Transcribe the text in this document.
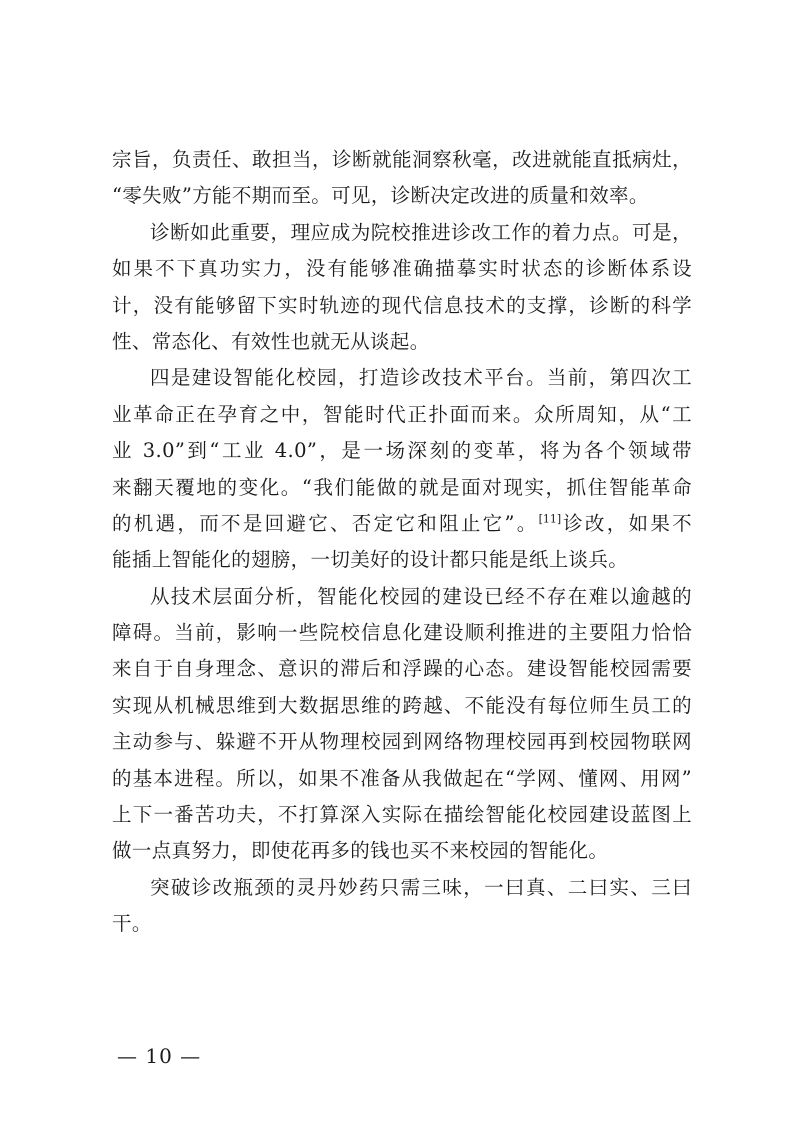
宗旨，负责任、敢担当，诊断就能洞察秋毫，改进就能直抵病灶，
“零失败”方能不期而至。可见，诊断决定改进的质量和效率。
诊断如此重要，理应成为院校推进诊改工作的着力点。可是，
如果不下真功实力，没有能够准确描摹实时状态的诊断体系设
计，没有能够留下实时轨迹的现代信息技术的支撑，诊断的科学
性、常态化、有效性也就无从谈起。
四是建设智能化校园，打造诊改技术平台。当前，第四次工
业革命正在孕育之中，智能时代正扑面而来。众所周知，从“工
业 3.0”到“工业 4.0”，是一场深刻的变革，将为各个领域带
来翻天覆地的变化。“我们能做的就是面对现实，抓住智能革命
的机遇，而不是回避它、否定它和阻止它”。[11]诊改，如果不
能插上智能化的翅膀，一切美好的设计都只能是纸上谈兵。
从技术层面分析，智能化校园的建设已经不存在难以逾越的
障碍。当前，影响一些院校信息化建设顺利推进的主要阻力恰恰
来自于自身理念、意识的滞后和浮躁的心态。建设智能校园需要
实现从机械思维到大数据思维的跨越、不能没有每位师生员工的
主动参与、躲避不开从物理校园到网络物理校园再到校园物联网
的基本进程。所以，如果不准备从我做起在“学网、懂网、用网”
上下一番苦功夫，不打算深入实际在描绘智能化校园建设蓝图上
做一点真努力，即使花再多的钱也买不来校园的智能化。
突破诊改瓶颈的灵丹妙药只需三味，一曰真、二曰实、三曰
干。
— 10 —
